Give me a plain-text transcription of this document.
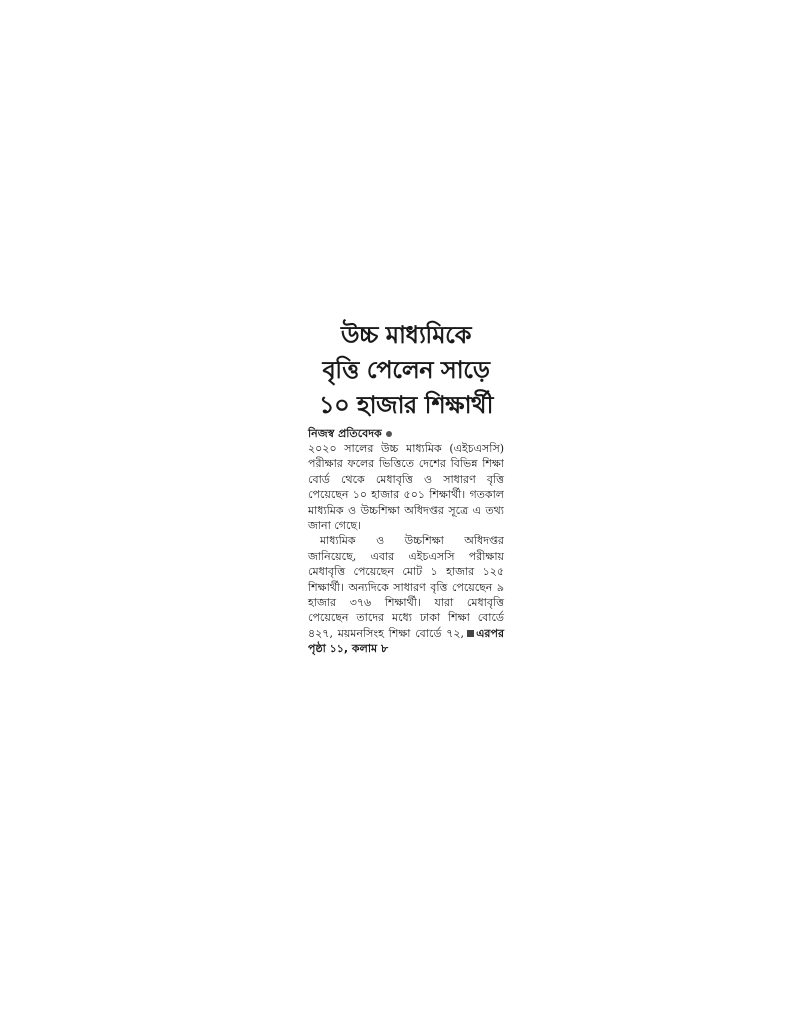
উচ্চ মাধ্যমিকে
বৃত্তি পেলেন সাড়ে
১০ হাজার শিক্ষার্থী

নিজস্ব প্রতিবেদক

২০২০ সালের উচ্চ মাধ্যমিক (এইচএসসি) পরীক্ষার ফলের ভিত্তিতে দেশের বিভিন্ন শিক্ষা বোর্ড থেকে মেধাবৃত্তি ও সাধারণ বৃত্তি পেয়েছেন ১০ হাজার ৫০১ শিক্ষার্থী। গতকাল মাধ্যমিক ও উচ্চশিক্ষা অধিদপ্তর সূত্রে এ তথ্য জানা গেছে।

মাধ্যমিক ও উচ্চশিক্ষা অধিদপ্তর জানিয়েছে, এবার এইচএসসি পরীক্ষায় মেধাবৃত্তি পেয়েছেন মোট ১ হাজার ১২৫ শিক্ষার্থী। অন্যদিকে সাধারণ বৃত্তি পেয়েছেন ৯ হাজার ৩৭৬ শিক্ষার্থী। যারা মেধাবৃত্তি পেয়েছেন তাদের মধ্যে ঢাকা শিক্ষা বোর্ডে ৪২৭, ময়মনসিংহ শিক্ষা বোর্ডে ৭২, এরপর পৃষ্ঠা ১১, কলাম ৮
